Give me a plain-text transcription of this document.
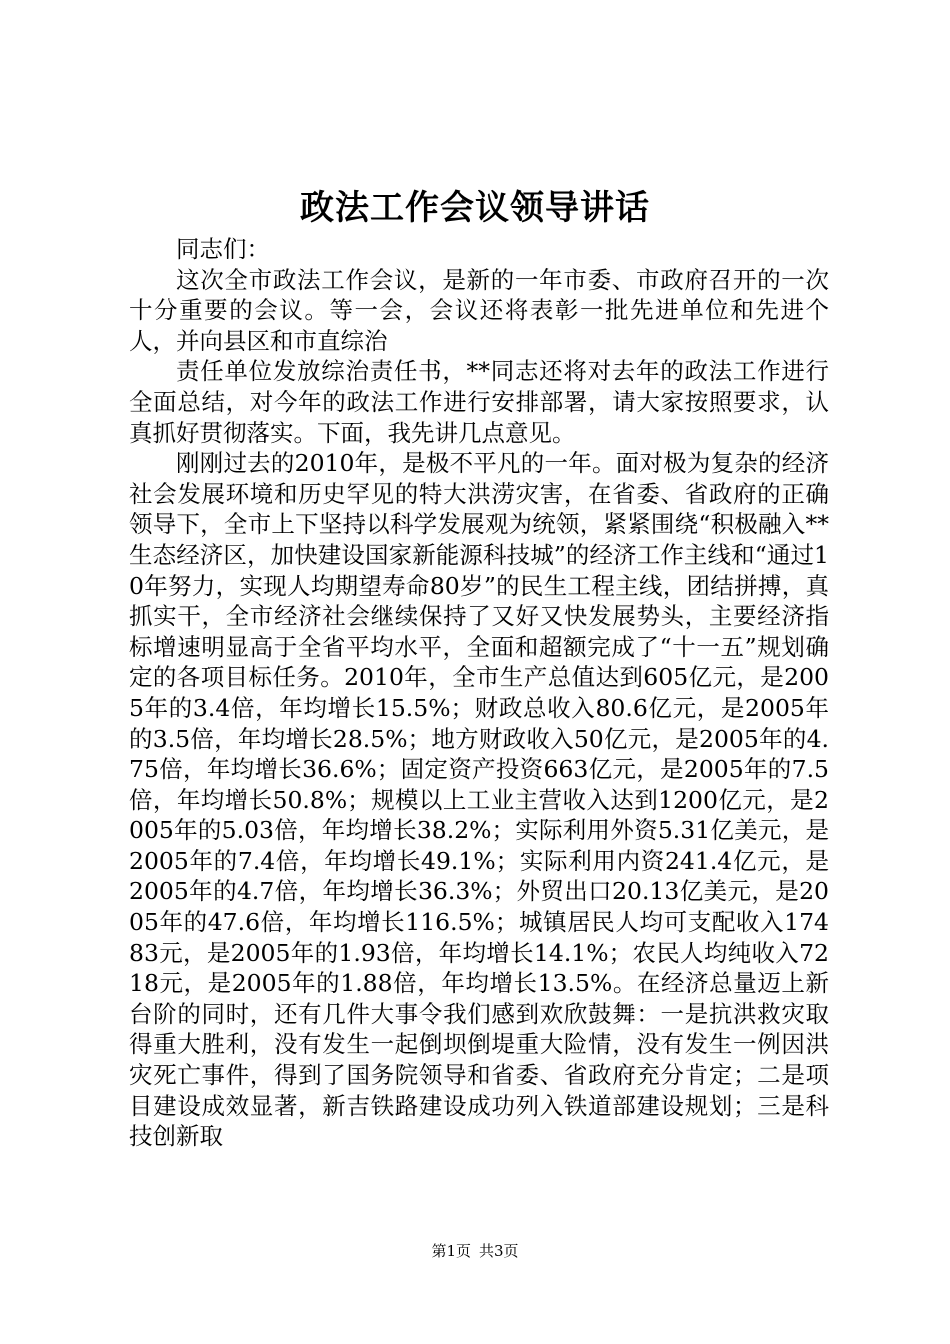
政法工作会议领导讲话

同志们：

这次全市政法工作会议，是新的一年市委、市政府召开的一次十分重要的会议。等一会，会议还将表彰一批先进单位和先进个人，并向县区和市直综治

责任单位发放综治责任书，**同志还将对去年的政法工作进行全面总结，对今年的政法工作进行安排部署，请大家按照要求，认真抓好贯彻落实。下面，我先讲几点意见。

刚刚过去的2010年，是极不平凡的一年。面对极为复杂的经济社会发展环境和历史罕见的特大洪涝灾害，在省委、省政府的正确领导下，全市上下坚持以科学发展观为统领，紧紧围绕“积极融入**生态经济区，加快建设国家新能源科技城”的经济工作主线和“通过10年努力，实现人均期望寿命80岁”的民生工程主线，团结拼搏，真抓实干，全市经济社会继续保持了又好又快发展势头，主要经济指标增速明显高于全省平均水平，全面和超额完成了“十一五”规划确定的各项目标任务。2010年，全市生产总值达到605亿元，是2005年的3.4倍，年均增长15.5%；财政总收入80.6亿元，是2005年的3.5倍，年均增长28.5%；地方财政收入50亿元，是2005年的4.75倍，年均增长36.6%；固定资产投资663亿元，是2005年的7.5倍，年均增长50.8%；规模以上工业主营收入达到1200亿元，是2005年的5.03倍，年均增长38.2%；实际利用外资5.31亿美元，是2005年的7.4倍，年均增长49.1%；实际利用内资241.4亿元，是2005年的4.7倍，年均增长36.3%；外贸出口20.13亿美元，是2005年的47.6倍，年均增长116.5%；城镇居民人均可支配收入17483元，是2005年的1.93倍，年均增长14.1%；农民人均纯收入7218元，是2005年的1.88倍，年均增长13.5%。在经济总量迈上新台阶的同时，还有几件大事令我们感到欢欣鼓舞：一是抗洪救灾取得重大胜利，没有发生一起倒坝倒堤重大险情，没有发生一例因洪灾死亡事件，得到了国务院领导和省委、省政府充分肯定；二是项目建设成效显著，新吉铁路建设成功列入铁道部建设规划；三是科技创新取

第1页 共3页
